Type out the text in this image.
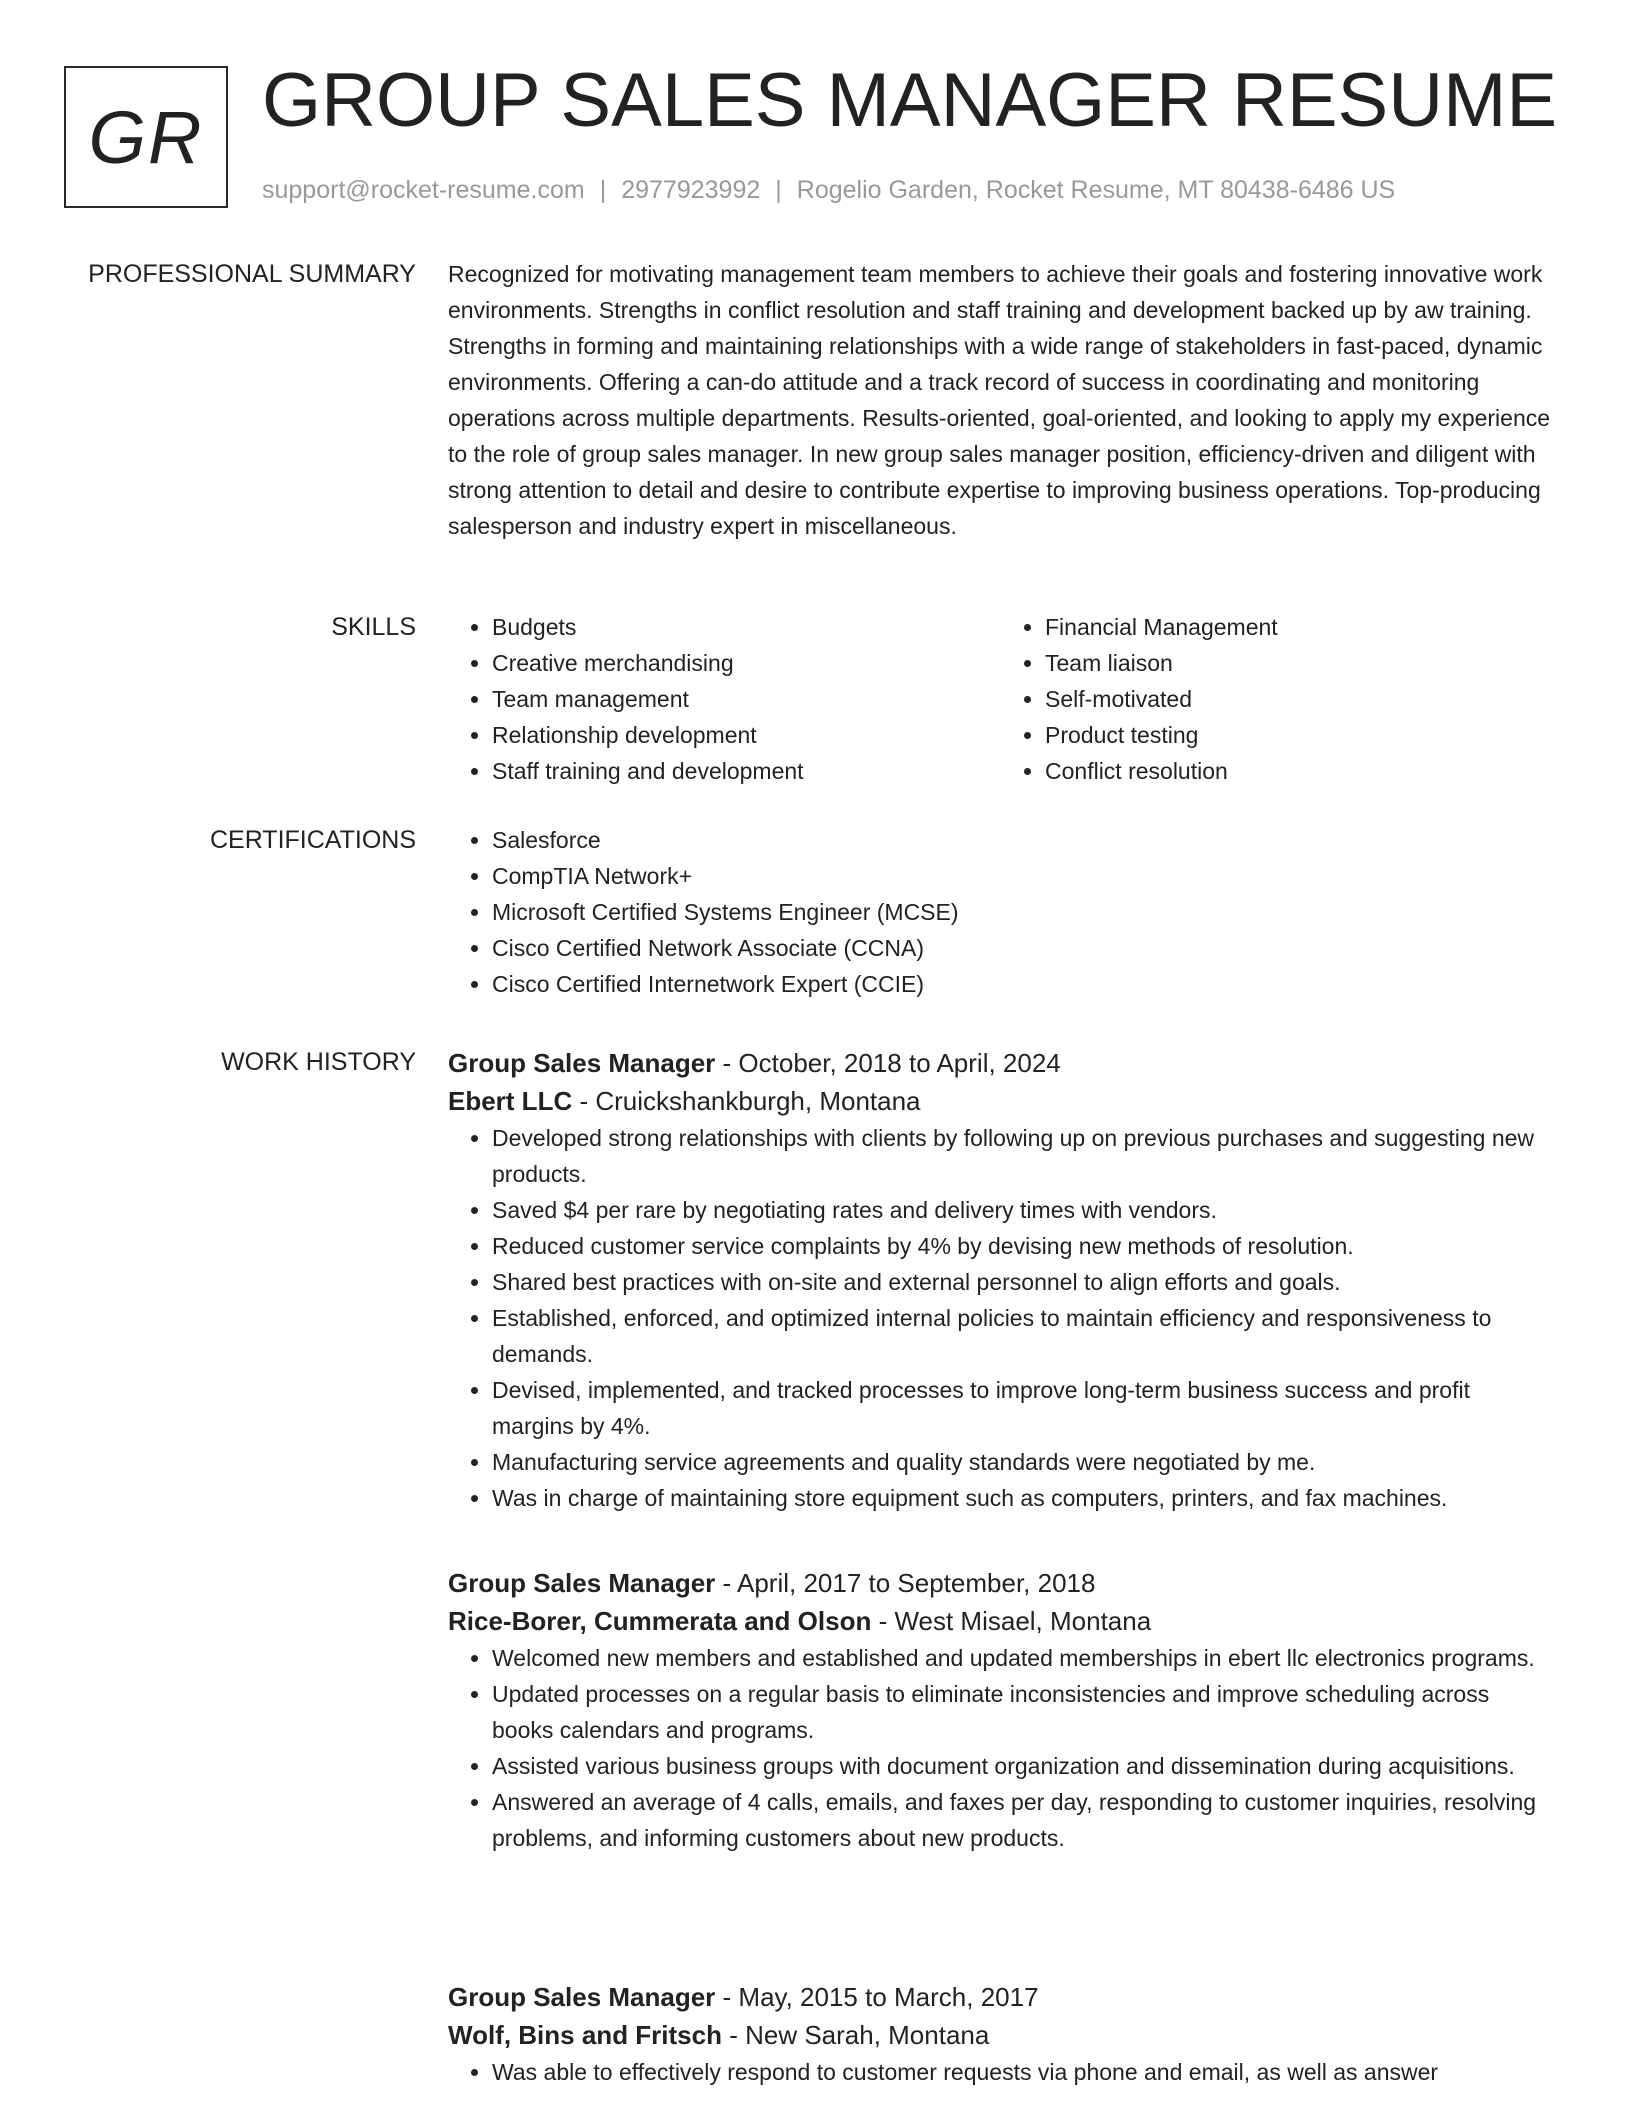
GR GROUP SALES MANAGER RESUME
support@rocket-resume.com | 2977923992 | Rogelio Garden, Rocket Resume, MT 80438-6486 US
PROFESSIONAL SUMMARY Recognized for motivating management team members to achieve their goals and fostering innovative work environments. Strengths in conflict resolution and staff training and development backed up by aw training. Strengths in forming and maintaining relationships with a wide range of stakeholders in fast-paced, dynamic environments. Offering a can-do attitude and a track record of success in coordinating and monitoring operations across multiple departments. Results-oriented, goal-oriented, and looking to apply my experience to the role of group sales manager. In new group sales manager position, efficiency-driven and diligent with strong attention to detail and desire to contribute expertise to improving business operations. Top-producing salesperson and industry expert in miscellaneous.

SKILLS	• Budgets
• Creative merchandising
• Team management
• Relationship development
• Staff training and development
• Financial Management
• Team liaison
• Self-motivated
• Product testing
• Conflict resolution
CERTIFICATIONS	• Salesforce
• CompTIA Network+
• Microsoft Certified Systems Engineer (MCSE)
• Cisco Certified Network Associate (CCNA)
• Cisco Certified Internetwork Expert (CCIE)
WORK HISTORY Group Sales Manager - October, 2018 to April, 2024
Ebert LLC - Cruickshankburgh, Montana
• Developed strong relationships with clients by following up on previous purchases and suggesting new products.
• Saved $4 per rare by negotiating rates and delivery times with vendors.
• Reduced customer service complaints by 4% by devising new methods of resolution.
• Shared best practices with on-site and external personnel to align efforts and goals.
• Established, enforced, and optimized internal policies to maintain efficiency and responsiveness to demands.
• Devised, implemented, and tracked processes to improve long-term business success and profit margins by 4%.
• Manufacturing service agreements and quality standards were negotiated by me.
• Was in charge of maintaining store equipment such as computers, printers, and fax machines.
Group Sales Manager - April, 2017 to September, 2018
Rice-Borer, Cummerata and Olson - West Misael, Montana
• Welcomed new members and established and updated memberships in ebert llc electronics programs.
• Updated processes on a regular basis to eliminate inconsistencies and improve scheduling across books calendars and programs.
• Assisted various business groups with document organization and dissemination during acquisitions.
• Answered an average of 4 calls, emails, and faxes per day, responding to customer inquiries, resolving problems, and informing customers about new products.
Group Sales Manager - May, 2015 to March, 2017
Wolf, Bins and Fritsch - New Sarah, Montana
• Was able to effectively respond to customer requests via phone and email, as well as answer
